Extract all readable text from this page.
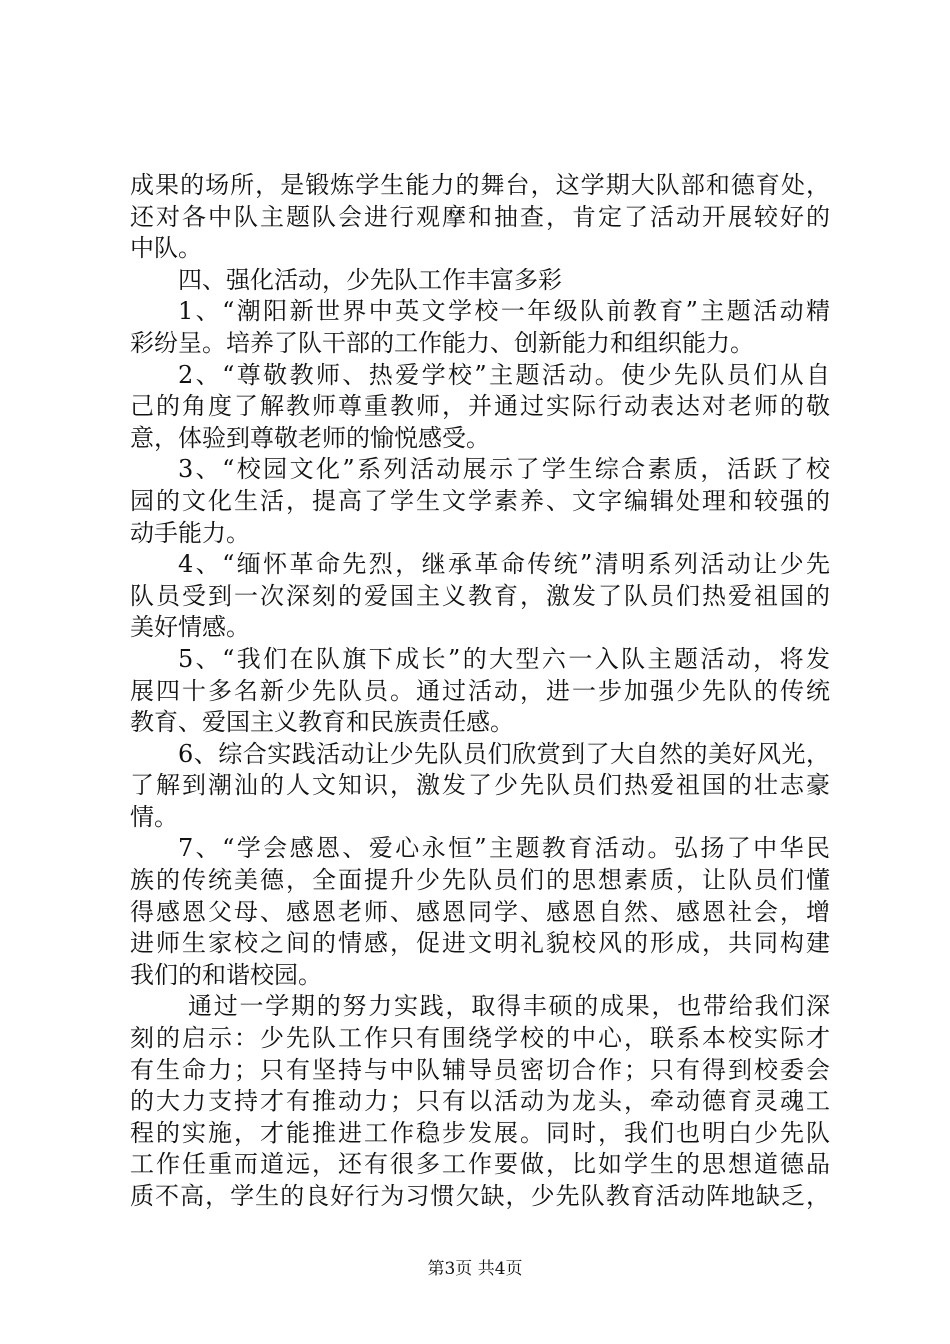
成果的场所，是锻炼学生能力的舞台，这学期大队部和德育处，
还对各中队主题队会进行观摩和抽查，肯定了活动开展较好的
中队。
四、强化活动，少先队工作丰富多彩
1、“潮阳新世界中英文学校一年级队前教育”主题活动精
彩纷呈。培养了队干部的工作能力、创新能力和组织能力。
2、“尊敬教师、热爱学校”主题活动。使少先队员们从自
己的角度了解教师尊重教师，并通过实际行动表达对老师的敬
意，体验到尊敬老师的愉悦感受。
3、“校园文化”系列活动展示了学生综合素质，活跃了校
园的文化生活，提高了学生文学素养、文字编辑处理和较强的
动手能力。
4、“缅怀革命先烈，继承革命传统”清明系列活动让少先
队员受到一次深刻的爱国主义教育，激发了队员们热爱祖国的
美好情感。
5、“我们在队旗下成长”的大型六一入队主题活动，将发
展四十多名新少先队员。通过活动，进一步加强少先队的传统
教育、爱国主义教育和民族责任感。
6、综合实践活动让少先队员们欣赏到了大自然的美好风光，
了解到潮汕的人文知识，激发了少先队员们热爱祖国的壮志豪
情。
7、“学会感恩、爱心永恒”主题教育活动。弘扬了中华民
族的传统美德，全面提升少先队员们的思想素质，让队员们懂
得感恩父母、感恩老师、感恩同学、感恩自然、感恩社会，增
进师生家校之间的情感，促进文明礼貌校风的形成，共同构建
我们的和谐校园。
通过一学期的努力实践，取得丰硕的成果，也带给我们深
刻的启示：少先队工作只有围绕学校的中心，联系本校实际才
有生命力；只有坚持与中队辅导员密切合作；只有得到校委会
的大力支持才有推动力；只有以活动为龙头，牵动德育灵魂工
程的实施，才能推进工作稳步发展。同时，我们也明白少先队
工作任重而道远，还有很多工作要做，比如学生的思想道德品
质不高，学生的良好行为习惯欠缺，少先队教育活动阵地缺乏，
第3页 共4页
